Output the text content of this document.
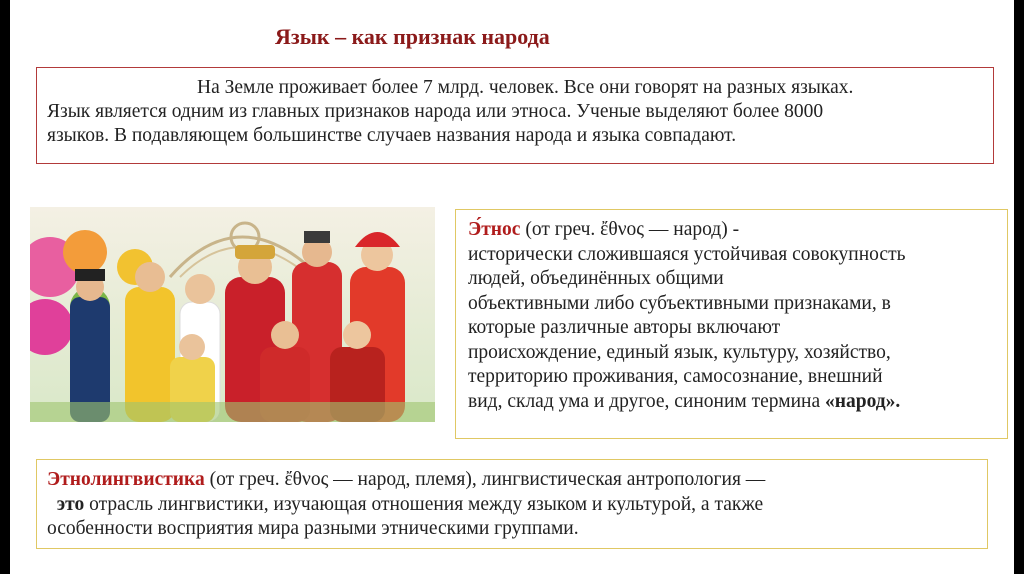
Язык – как признак народа
На Земле проживает более 7 млрд. человек. Все они говорят на разных языках.
Язык является одним из главных признаков народа или этноса. Ученые выделяют более 8000
языков. В подавляющем большинстве случаев названия народа и языка совпадают.
Э́тнос (от греч. ἔθνος — народ) -
исторически сложившаяся устойчивая совокупность
людей, объединённых общими
объективными либо субъективными признаками, в
которые различные авторы включают
происхождение, единый язык, культуру, хозяйство,
территорию проживания, самосознание, внешний
вид, склад ума и другое, синоним термина «народ».
Этнолингвистика (от греч. ἔθνος — народ, племя), лингвистическая антропология —
это отрасль лингвистики, изучающая отношения между языком и культурой, а также
особенности восприятия мира разными этническими группами.
